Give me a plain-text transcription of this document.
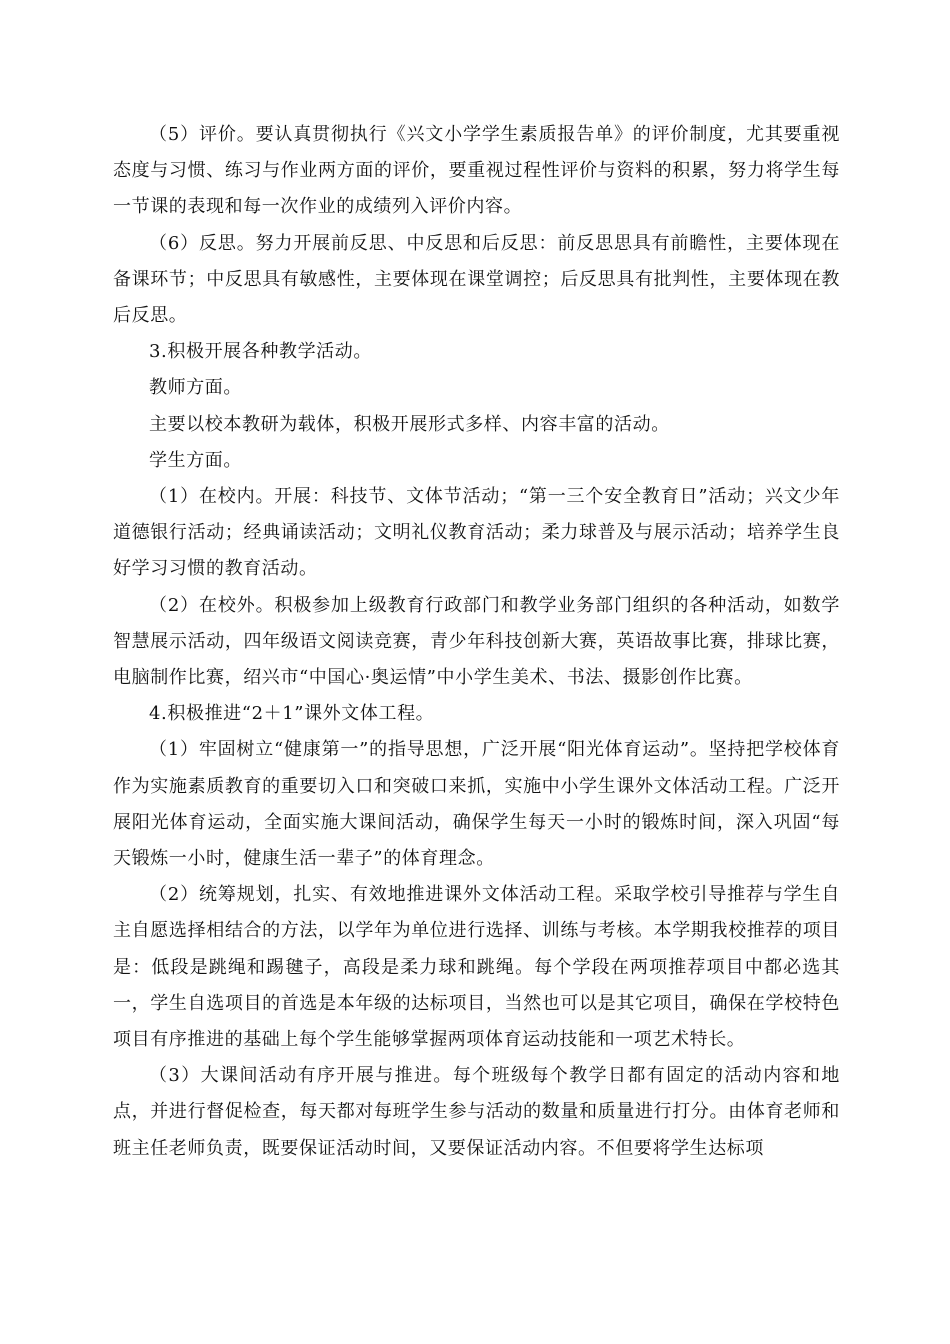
（5）评价。要认真贯彻执行《兴文小学学生素质报告单》的评价制度，尤其要重视态度与习惯、练习与作业两方面的评价，要重视过程性评价与资料的积累，努力将学生每一节课的表现和每一次作业的成绩列入评价内容。

（6）反思。努力开展前反思、中反思和后反思：前反思思具有前瞻性，主要体现在备课环节；中反思具有敏感性，主要体现在课堂调控；后反思具有批判性，主要体现在教后反思。

3.积极开展各种教学活动。

教师方面。

主要以校本教研为载体，积极开展形式多样、内容丰富的活动。

学生方面。

（1）在校内。开展：科技节、文体节活动；“第一三个安全教育日”活动；兴文少年道德银行活动；经典诵读活动；文明礼仪教育活动；柔力球普及与展示活动；培养学生良好学习习惯的教育活动。

（2）在校外。积极参加上级教育行政部门和教学业务部门组织的各种活动，如数学智慧展示活动，四年级语文阅读竞赛，青少年科技创新大赛，英语故事比赛，排球比赛，电脑制作比赛，绍兴市“中国心·奥运情”中小学生美术、书法、摄影创作比赛。

4.积极推进“2＋1”课外文体工程。

（1）牢固树立“健康第一”的指导思想，广泛开展“阳光体育运动”。坚持把学校体育作为实施素质教育的重要切入口和突破口来抓，实施中小学生课外文体活动工程。广泛开展阳光体育运动，全面实施大课间活动，确保学生每天一小时的锻炼时间，深入巩固“每天锻炼一小时，健康生活一辈子”的体育理念。

（2）统筹规划，扎实、有效地推进课外文体活动工程。采取学校引导推荐与学生自主自愿选择相结合的方法，以学年为单位进行选择、训练与考核。本学期我校推荐的项目是：低段是跳绳和踢毽子，高段是柔力球和跳绳。每个学段在两项推荐项目中都必选其一，学生自选项目的首选是本年级的达标项目，当然也可以是其它项目，确保在学校特色项目有序推进的基础上每个学生能够掌握两项体育运动技能和一项艺术特长。

（3）大课间活动有序开展与推进。每个班级每个教学日都有固定的活动内容和地点，并进行督促检查，每天都对每班学生参与活动的数量和质量进行打分。由体育老师和班主任老师负责，既要保证活动时间，又要保证活动内容。不但要将学生达标项
